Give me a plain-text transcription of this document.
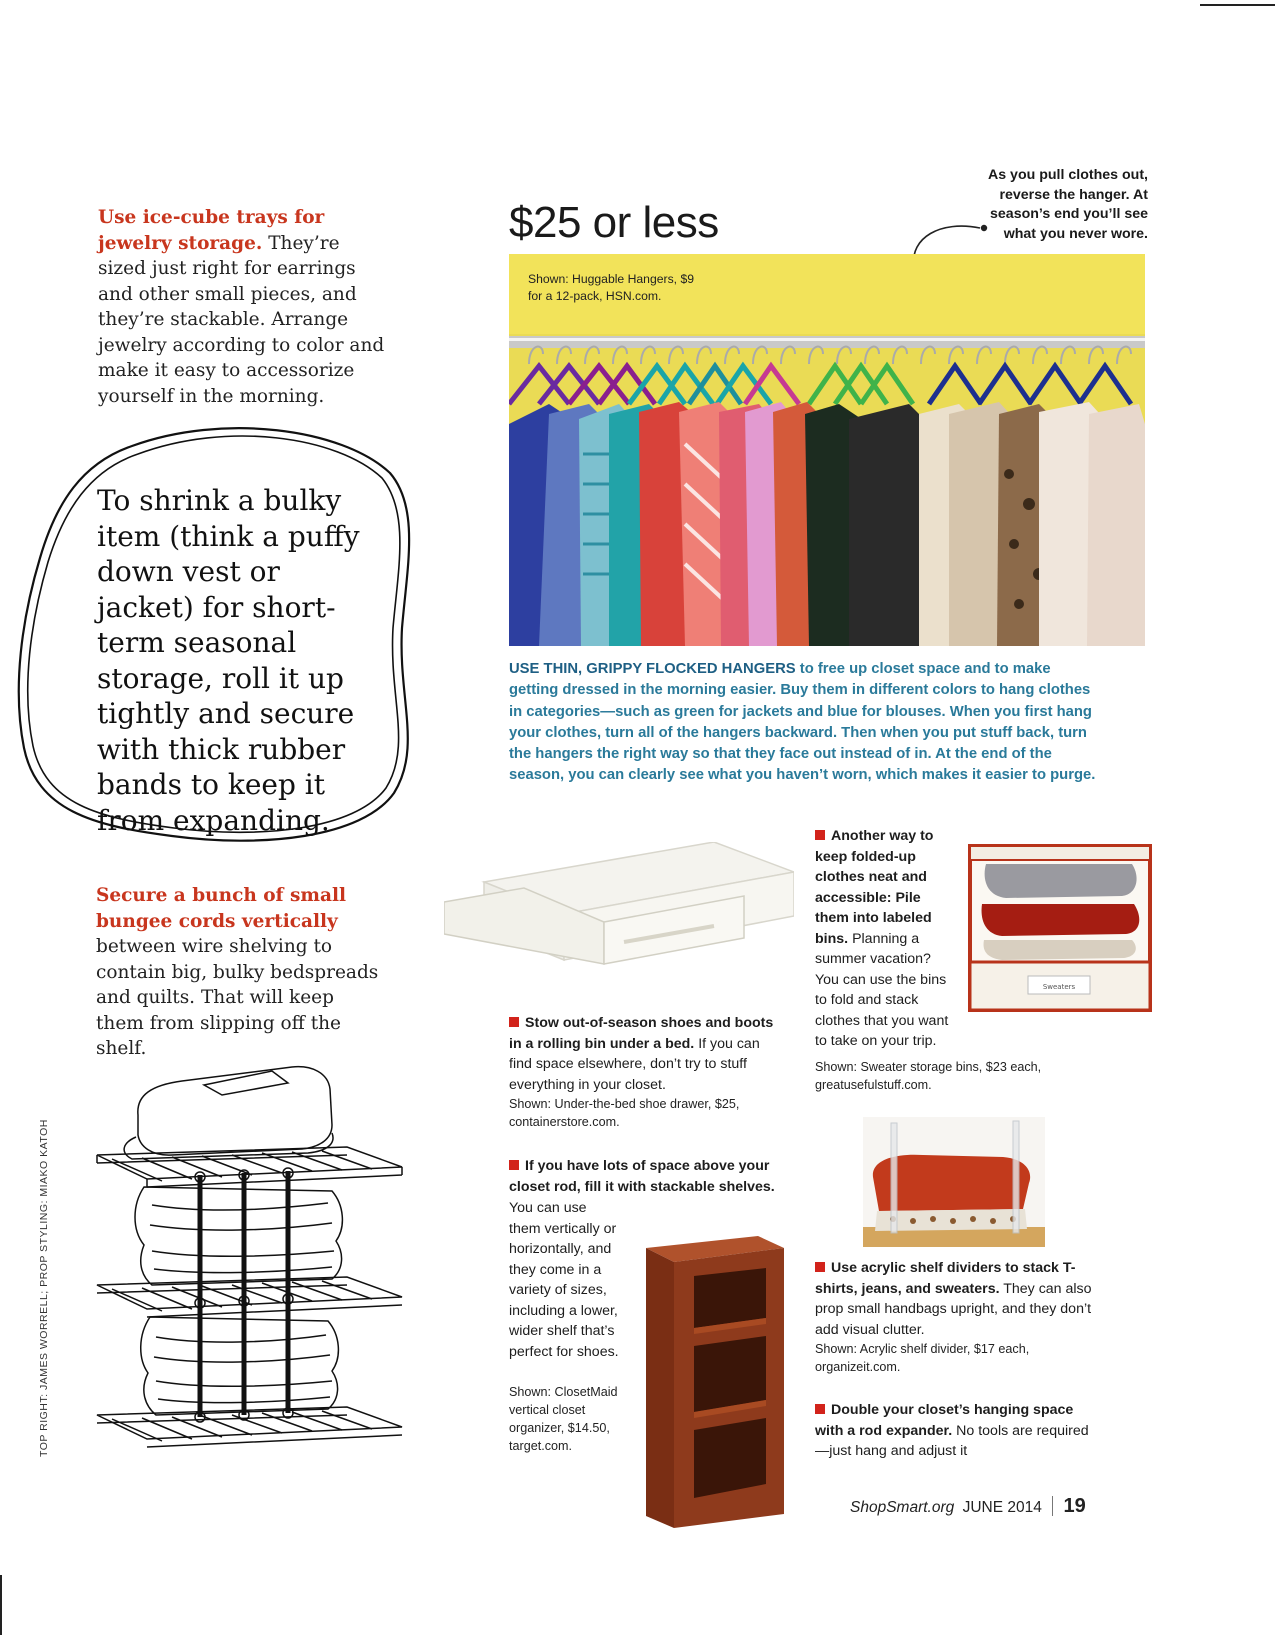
Use ice-cube trays for jewelry storage. They’re sized just right for earrings and other small pieces, and they’re stackable. Arrange jewelry according to color and make it easy to accessorize yourself in the morning.
To shrink a bulky item (think a puffy down vest or jacket) for short-term seasonal storage, roll it up tightly and secure with thick rubber bands to keep it from expanding.
Secure a bunch of small bungee cords vertically between wire shelving to contain big, bulky bedspreads and quilts. That will keep them from slipping off the shelf.
TOP RIGHT: JAMES WORRELL; PROP STYLING: MIAKO KATOH
$25 or less
As you pull clothes out, reverse the hanger. At season’s end you’ll see what you never wore.
Shown: Huggable Hangers, $9 for a 12-pack, HSN.com.
USE THIN, GRIPPY FLOCKED HANGERS to free up closet space and to make getting dressed in the morning easier. Buy them in different colors to hang clothes in categories—such as green for jackets and blue for blouses. When you first hang your clothes, turn all of the hangers backward. Then when you put stuff back, turn the hangers the right way so that they face out instead of in. At the end of the season, you can clearly see what you haven’t worn, which makes it easier to purge.
Stow out-of-season shoes and boots in a rolling bin under a bed. If you can find space elsewhere, don’t try to stuff everything in your closet.
Shown: Under-the-bed shoe drawer, $25, containerstore.com.
If you have lots of space above your closet rod, fill it with stackable shelves.
You can use them vertically or horizontally, and they come in a variety of sizes, including a lower, wider shelf that’s perfect for shoes.
Shown: ClosetMaid vertical closet organizer, $14.50, target.com.
Sweaters
Another way to keep folded-up clothes neat and accessible: Pile them into labeled bins. Planning a summer vacation? You can use the bins to fold and stack clothes that you want to take on your trip.
Shown: Sweater storage bins, $23 each, greatusefulstuff.com.
Use acrylic shelf dividers to stack T-shirts, jeans, and sweaters. They can also prop small handbags upright, and they don’t add visual clutter.
Shown: Acrylic shelf divider, $17 each, organizeit.com.
Double your closet’s hanging space with a rod expander. No tools are required—just hang and adjust it
ShopSmart.org JUNE 2014 19
